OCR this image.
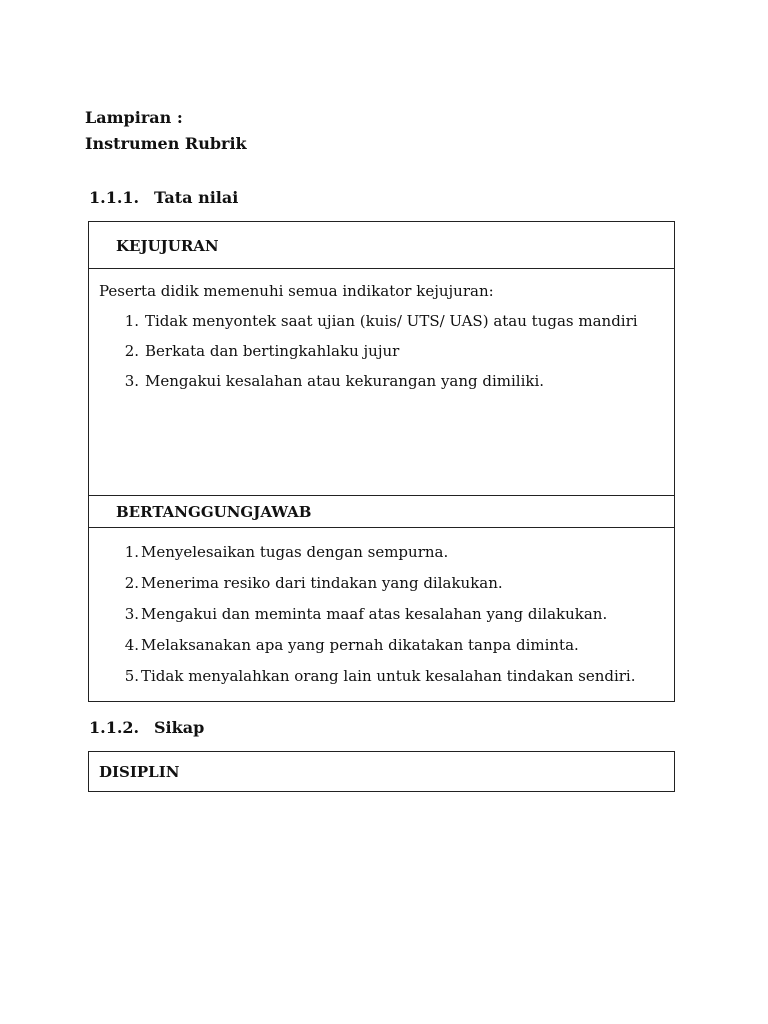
Lampiran :
Instrumen Rubrik
1.1.1. Tata nilai
KEJUJURAN
Peserta didik memenuhi semua indikator kejujuran:
1. Tidak menyontek saat ujian (kuis/ UTS/ UAS) atau tugas mandiri
2. Berkata dan bertingkahlaku jujur
3. Mengakui kesalahan atau kekurangan yang dimiliki.
BERTANGGUNGJAWAB
1. Menyelesaikan tugas dengan sempurna.
2. Menerima resiko dari tindakan yang dilakukan.
3. Mengakui dan meminta maaf atas kesalahan yang dilakukan.
4. Melaksanakan apa yang pernah dikatakan tanpa diminta.
5. Tidak menyalahkan orang lain untuk kesalahan tindakan sendiri.
1.1.2. Sikap
DISIPLIN
